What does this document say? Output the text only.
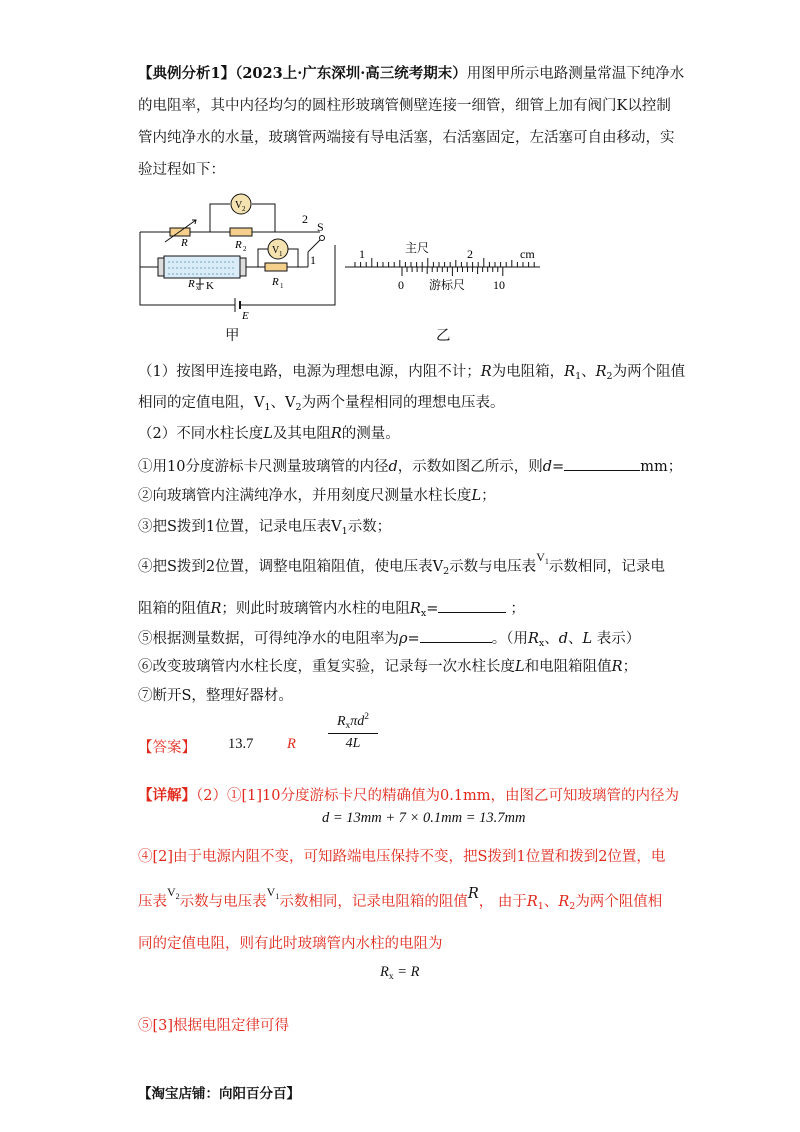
【典例分析1】（2023上·广东深圳·高三统考期末）用图甲所示电路测量常温下纯净水
的电阻率，其中内径均匀的圆柱形玻璃管侧壁连接一细管，细管上加有阀门K以控制
管内纯净水的水量，玻璃管两端接有导电活塞，右活塞固定，左活塞可自由移动，实
验过程如下：
R	R 2
V 2
V 1
R 1
S
2
1
R x K
E
甲
1	主尺	2	cm
0 游标尺 10
乙
（1）按图甲连接电路，电源为理想电源，内阻不计；R为电阻箱，$R_1$、$R_2$为两个阻值
相同的定值电阻，$V_1$、$V_2$为两个量程相同的理想电压表。
（2）不同水柱长度L及其电阻R的测量。
①用10分度游标卡尺测量玻璃管的内径d，示数如图乙所示，则d=	mm；
②向玻璃管内注满纯净水，并用刻度尺测量水柱长度L；
③把S拨到1位置，记录电压表$V_1$示数；
④把S拨到2位置，调整电阻箱阻值，使电压表$V_2$示数与电压表$V_1$示数相同，记录电
阻箱的阻值R；则此时玻璃管内水柱的电阻$R_x=$	；
⑤根据测量数据，可得纯净水的电阻率为ρ=	。（用$R_x$、d、L 表示）
⑥改变玻璃管内水柱长度，重复实验，记录每一次水柱长度L和电阻箱阻值R；
⑦断开S，整理好器材。
【答案】 13.7 R
$R_x\pi d^2$
4L
【详解】（2）①[1]10分度游标卡尺的精确值为0.1mm，由图乙可知玻璃管的内径为
d = 13mm + 7 × 0.1mm = 13.7mm
④[2]由于电源内阻不变，可知路端电压保持不变，把S拨到1位置和拨到2位置，电
压表$V_2$示数与电压表$V_1$示数相同，记录电阻箱的阻值R， 由于$R_1$、$R_2$为两个阻值相
同的定值电阻，则有此时玻璃管内水柱的电阻为
$R_x = R$
⑤[3]根据电阻定律可得
【淘宝店铺：向阳百分百】
